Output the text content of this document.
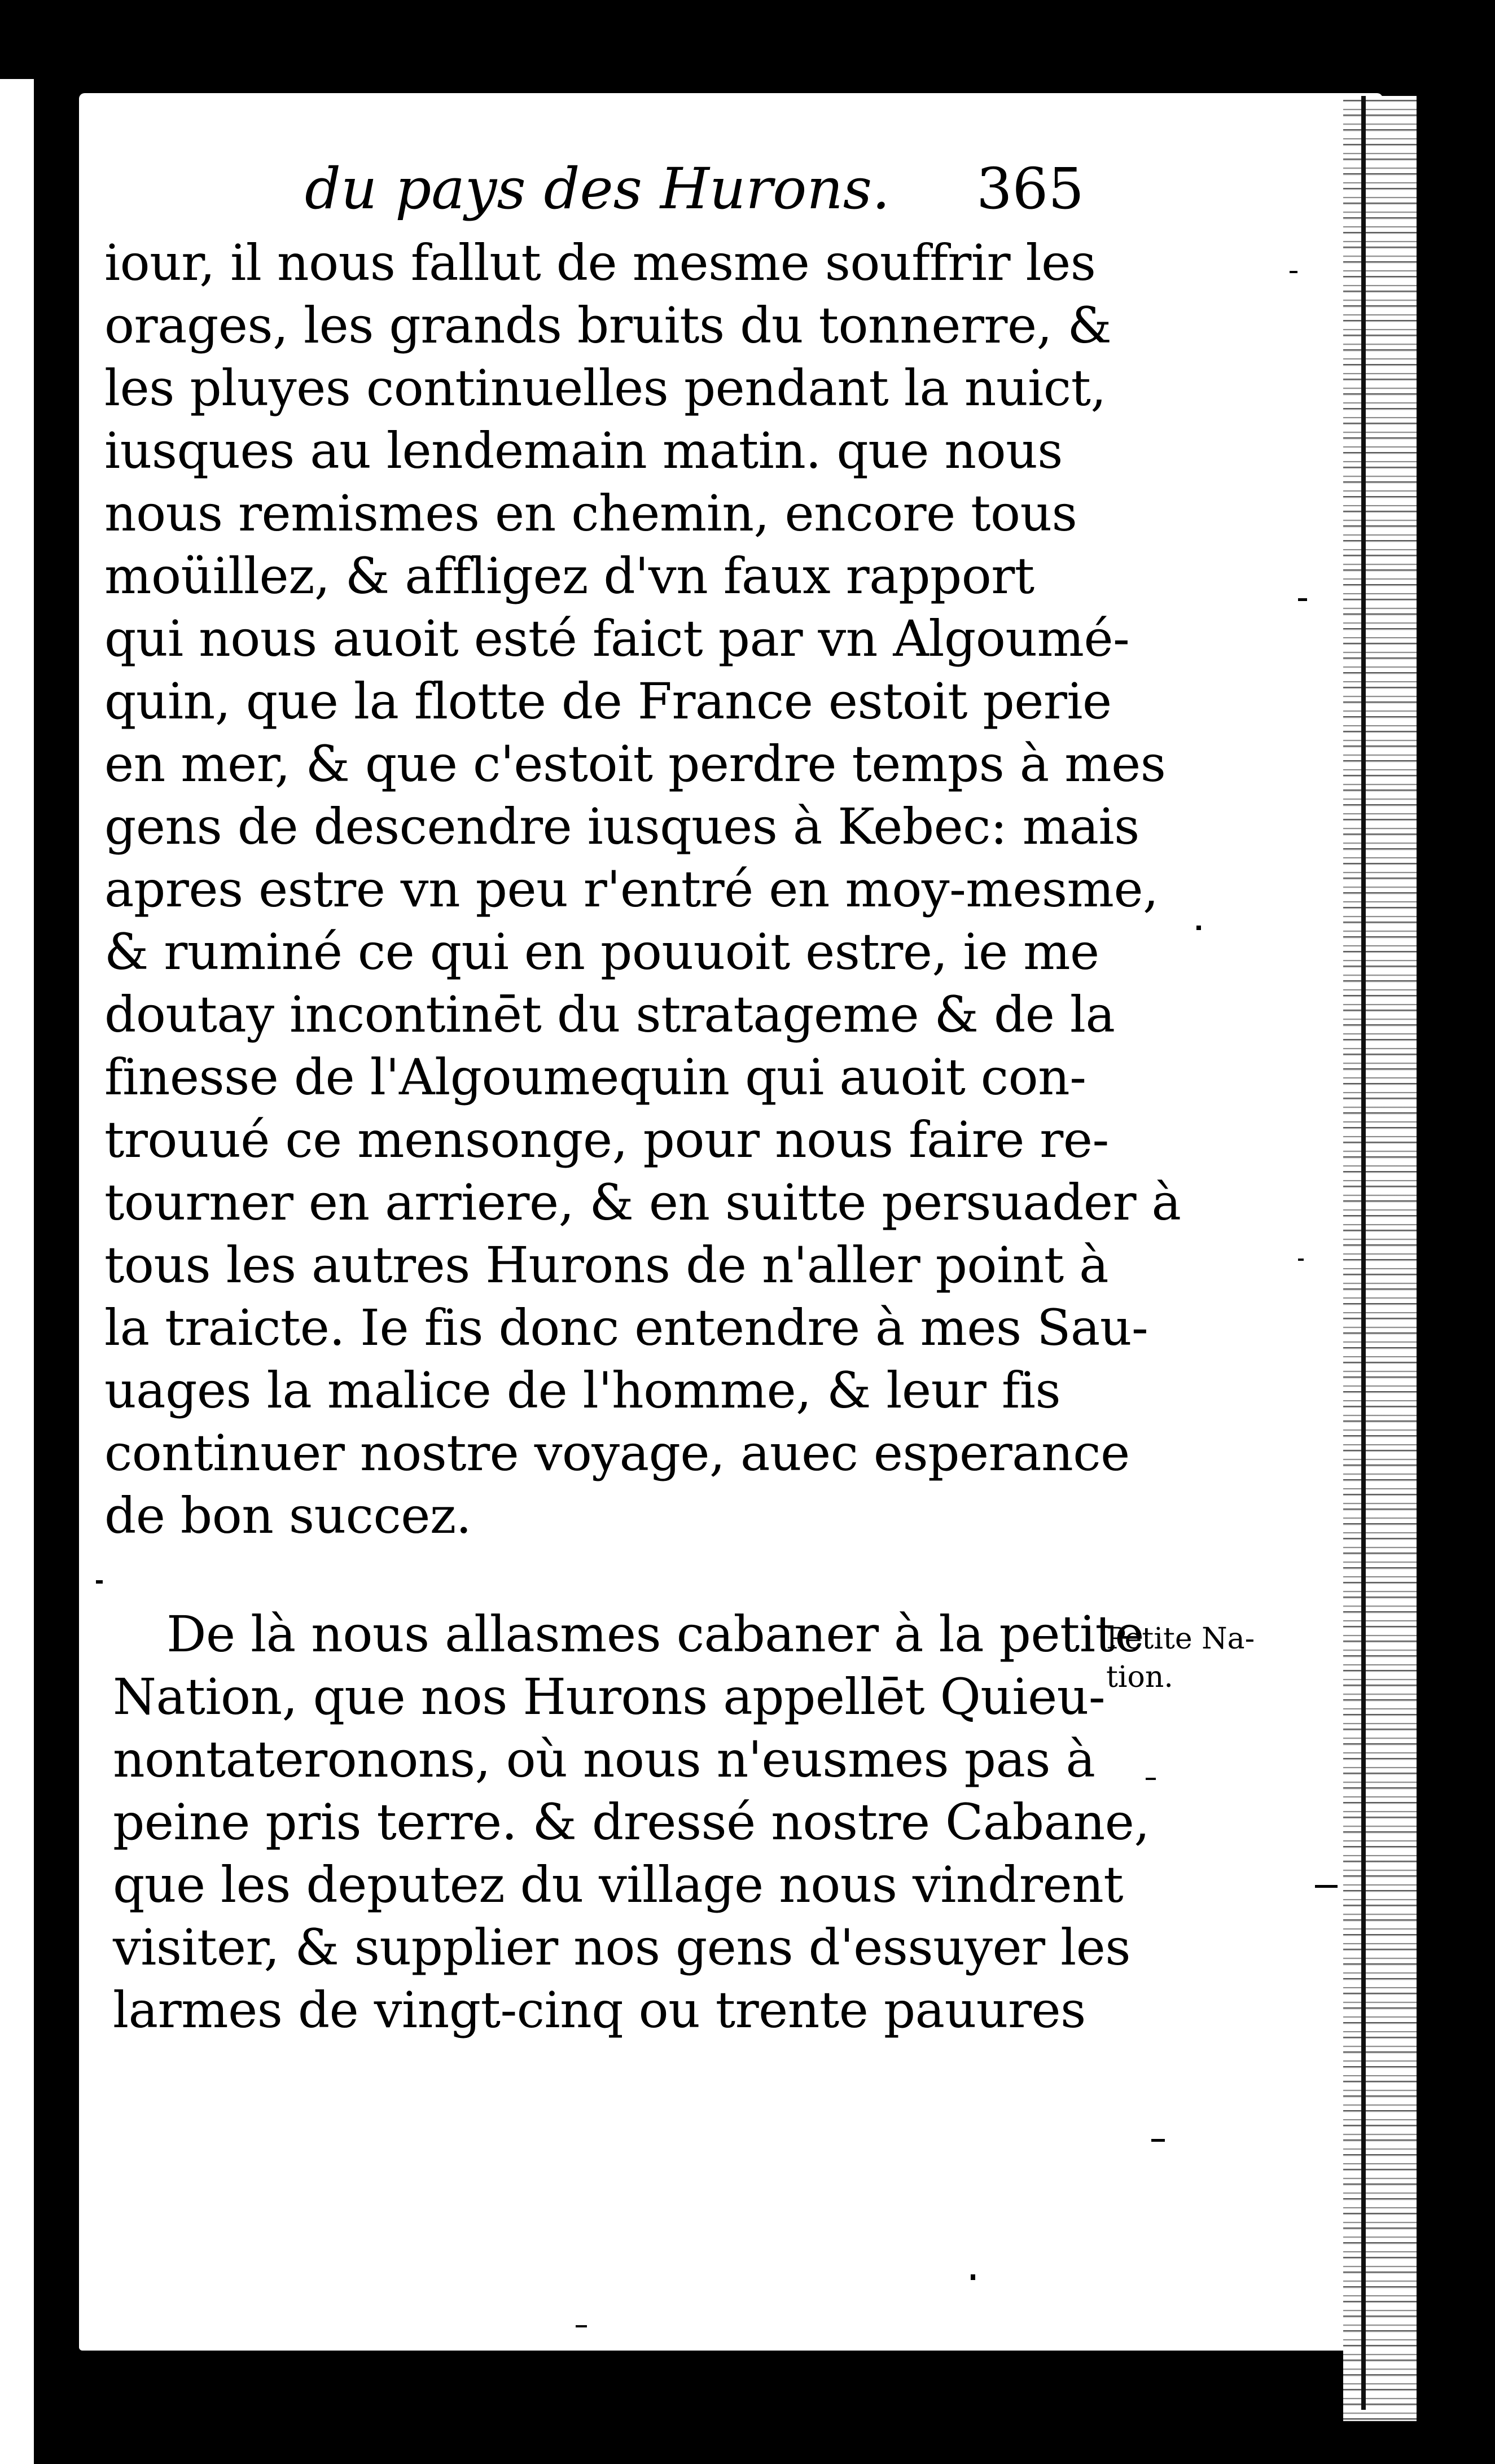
du pays des Hurons. 365
iour, il nous fallut de mesme souffrir les
orages, les grands bruits du tonnerre, &
les pluyes continuelles pendant la nuict,
iusques au lendemain matin. que nous
nous remismes en chemin, encore tous
moüillez, & affligez d'vn faux rapport
qui nous auoit esté faict par vn Algoumé-
quin, que la flotte de France estoit perie
en mer, & que c'estoit perdre temps à mes
gens de descendre iusques à Kebec: mais
apres estre vn peu r'entré en moy-mesme,
& ruminé ce qui en pouuoit estre, ie me
doutay incontinēt du stratageme & de la
finesse de l'Algoumequin qui auoit con-
trouué ce mensonge, pour nous faire re-
tourner en arriere, & en suitte persuader à
tous les autres Hurons de n'aller point à
la traicte. Ie fis donc entendre à mes Sau-
uages la malice de l'homme, & leur fis
continuer nostre voyage, auec esperance
de bon succez.
De là nous allasmes cabaner à la petite
Nation, que nos Hurons appellēt Quieu-
nontateronons, où nous n'eusmes pas à
peine pris terre. & dressé nostre Cabane,
que les deputez du village nous vindrent
visiter, & supplier nos gens d'essuyer les
larmes de vingt-cinq ou trente pauures
Petite Na-
tion.
